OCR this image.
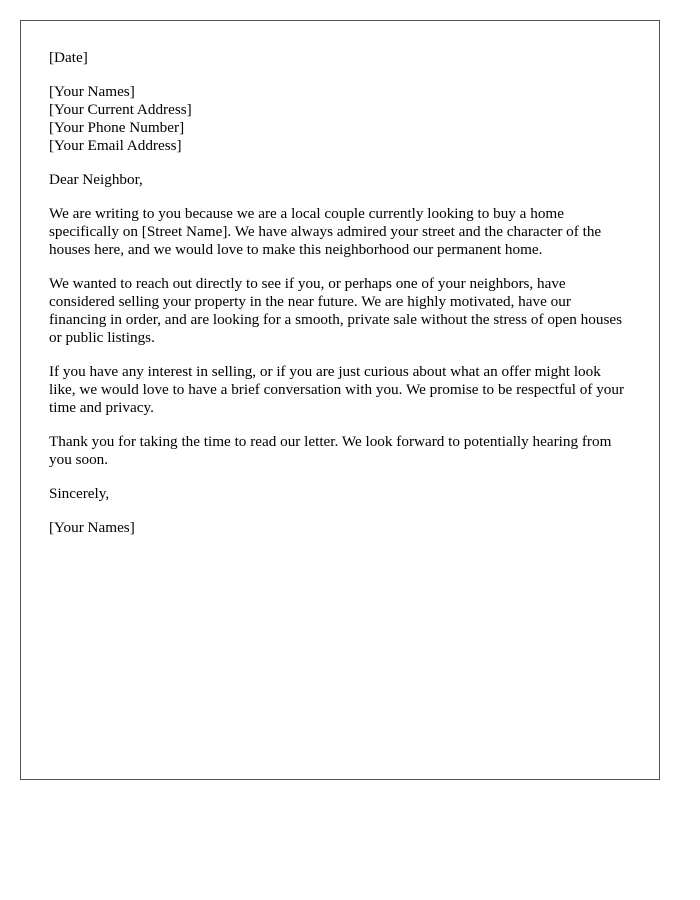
[Date]

[Your Names]
[Your Current Address]
[Your Phone Number]
[Your Email Address]

Dear Neighbor,

We are writing to you because we are a local couple currently looking to buy a home specifically on [Street Name]. We have always admired your street and the character of the houses here, and we would love to make this neighborhood our permanent home.

We wanted to reach out directly to see if you, or perhaps one of your neighbors, have considered selling your property in the near future. We are highly motivated, have our financing in order, and are looking for a smooth, private sale without the stress of open houses or public listings.

If you have any interest in selling, or if you are just curious about what an offer might look like, we would love to have a brief conversation with you. We promise to be respectful of your time and privacy.

Thank you for taking the time to read our letter. We look forward to potentially hearing from you soon.

Sincerely,

[Your Names]
